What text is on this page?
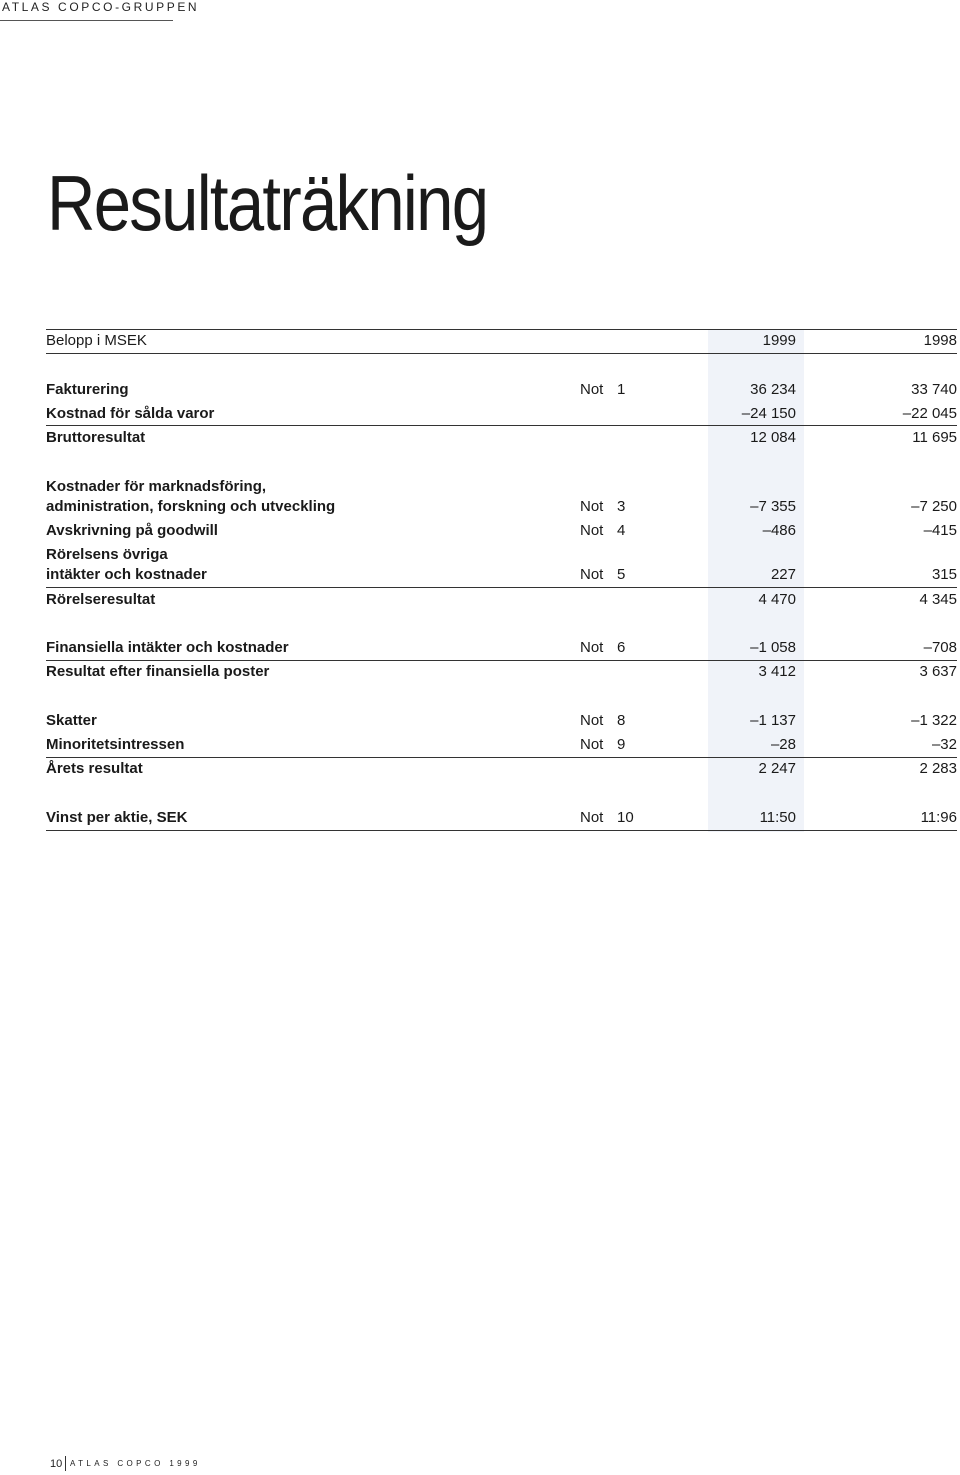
ATLAS COPCO-GRUPPEN
Resultaträkning
Belopp i MSEK	1999	1998
Fakturering	Not 1	36 234	33 740
Kostnad för sålda varor	–24 150	–22 045
Bruttoresultat	12 084	11 695
Kostnader för marknadsföring,
administration, forskning och utveckling	Not 3	–7 355	–7 250
Avskrivning på goodwill	Not 4	–486	–415
Rörelsens övriga
intäkter och kostnader	Not 5	227	315
Rörelseresultat	4 470	4 345
Finansiella intäkter och kostnader	Not 6	–1 058	–708
Resultat efter finansiella poster	3 412	3 637
Skatter	Not 8	–1 137	–1 322
Minoritetsintressen	Not 9	–28	–32
Årets resultat	2 247	2 283
Vinst per aktie, SEK	Not 10	11:50	11:96
10 ATLAS COPCO 1999
